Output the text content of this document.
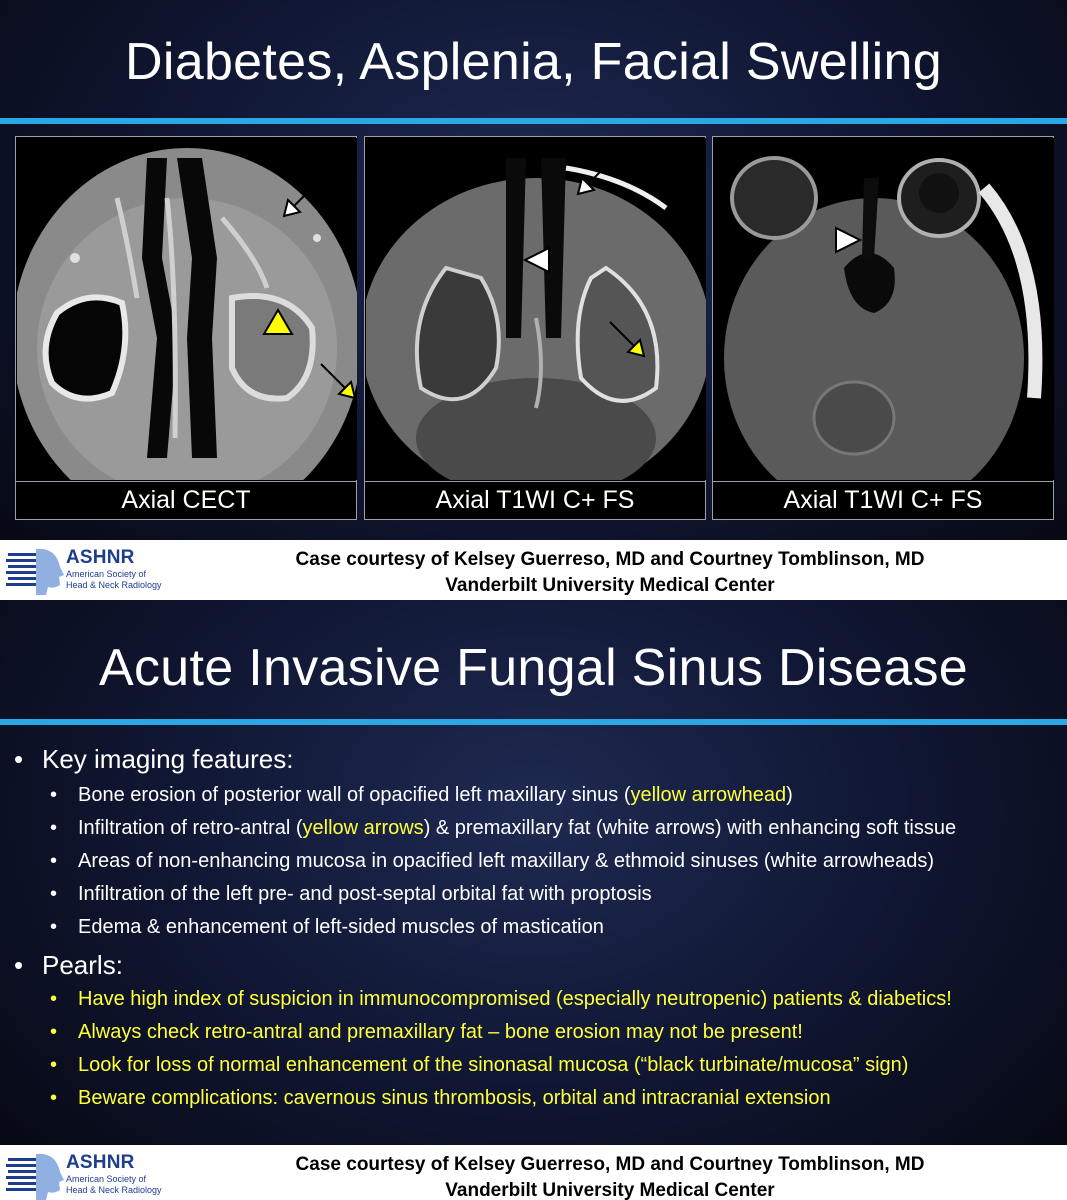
Diabetes, Asplenia, Facial Swelling
Axial CECT	Axial T1WI C+ FS	Axial T1WI C+ FS
ASHNR
American Society of Head & Neck Radiology
Case courtesy of Kelsey Guerreso, MD and Courtney Tomblinson, MD
Vanderbilt University Medical Center
Acute Invasive Fungal Sinus Disease
• Key imaging features:
• Bone erosion of posterior wall of opacified left maxillary sinus (yellow arrowhead)
• Infiltration of retro-antral (yellow arrows) & premaxillary fat (white arrows) with enhancing soft tissue
• Areas of non-enhancing mucosa in opacified left maxillary & ethmoid sinuses (white arrowheads)
• Infiltration of the left pre- and post-septal orbital fat with proptosis
• Edema & enhancement of left-sided muscles of mastication
• Pearls:
• Have high index of suspicion in immunocompromised (especially neutropenic) patients & diabetics!
• Always check retro-antral and premaxillary fat – bone erosion may not be present!
• Look for loss of normal enhancement of the sinonasal mucosa (“black turbinate/mucosa” sign)
• Beware complications: cavernous sinus thrombosis, orbital and intracranial extension
ASHNR
American Society of Head & Neck Radiology
Case courtesy of Kelsey Guerreso, MD and Courtney Tomblinson, MD
Vanderbilt University Medical Center
